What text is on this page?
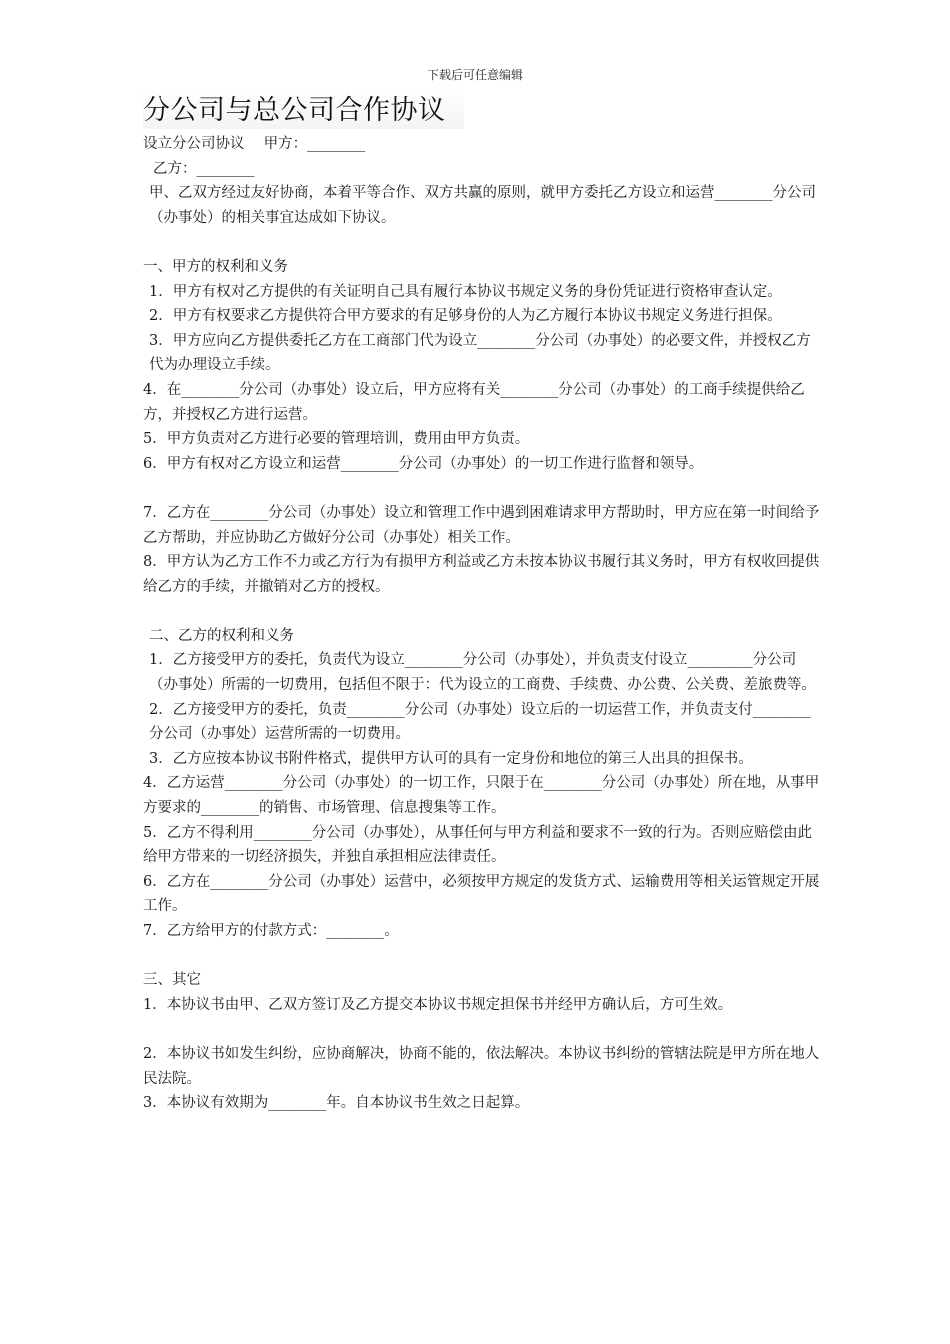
下载后可任意编辑
分公司与总公司合作协议

设立分公司协议　 甲方：________

乙方：________

甲、乙双方经过友好协商，本着平等合作、双方共赢的原则，就甲方委托乙方设立和运营________分公司（办事处）的相关事宜达成如下协议。

一、甲方的权利和义务

1．甲方有权对乙方提供的有关证明自己具有履行本协议书规定义务的身份凭证进行资格审查认定。

2．甲方有权要求乙方提供符合甲方要求的有足够身份的人为乙方履行本协议书规定义务进行担保。

3．甲方应向乙方提供委托乙方在工商部门代为设立________分公司（办事处）的必要文件，并授权乙方代为办理设立手续。

4．在________分公司（办事处）设立后，甲方应将有关________分公司（办事处）的工商手续提供给乙方，并授权乙方进行运营。

5．甲方负责对乙方进行必要的管理培训，费用由甲方负责。

6．甲方有权对乙方设立和运营________分公司（办事处）的一切工作进行监督和领导。

7．乙方在________分公司（办事处）设立和管理工作中遇到困难请求甲方帮助时，甲方应在第一时间给予乙方帮助，并应协助乙方做好分公司（办事处）相关工作。

8．甲方认为乙方工作不力或乙方行为有损甲方利益或乙方未按本协议书履行其义务时，甲方有权收回提供给乙方的手续，并撤销对乙方的授权。

二、乙方的权利和义务

1．乙方接受甲方的委托，负责代为设立________分公司（办事处），并负责支付设立_________分公司（办事处）所需的一切费用，包括但不限于：代为设立的工商费、手续费、办公费、公关费、差旅费等。

2．乙方接受甲方的委托，负责________分公司（办事处）设立后的一切运营工作，并负责支付________分公司（办事处）运营所需的一切费用。

3．乙方应按本协议书附件格式，提供甲方认可的具有一定身份和地位的第三人出具的担保书。

4．乙方运营________分公司（办事处）的一切工作，只限于在________分公司（办事处）所在地，从事甲方要求的________的销售、市场管理、信息搜集等工作。

5．乙方不得利用________分公司（办事处），从事任何与甲方利益和要求不一致的行为。否则应赔偿由此给甲方带来的一切经济损失，并独自承担相应法律责任。

6．乙方在________分公司（办事处）运营中，必须按甲方规定的发货方式、运输费用等相关运管规定开展工作。

7．乙方给甲方的付款方式：________。

三、其它

1．本协议书由甲、乙双方签订及乙方提交本协议书规定担保书并经甲方确认后，方可生效。

2．本协议书如发生纠纷，应协商解决，协商不能的，依法解决。本协议书纠纷的管辖法院是甲方所在地人民法院。

3．本协议有效期为________年。自本协议书生效之日起算。
